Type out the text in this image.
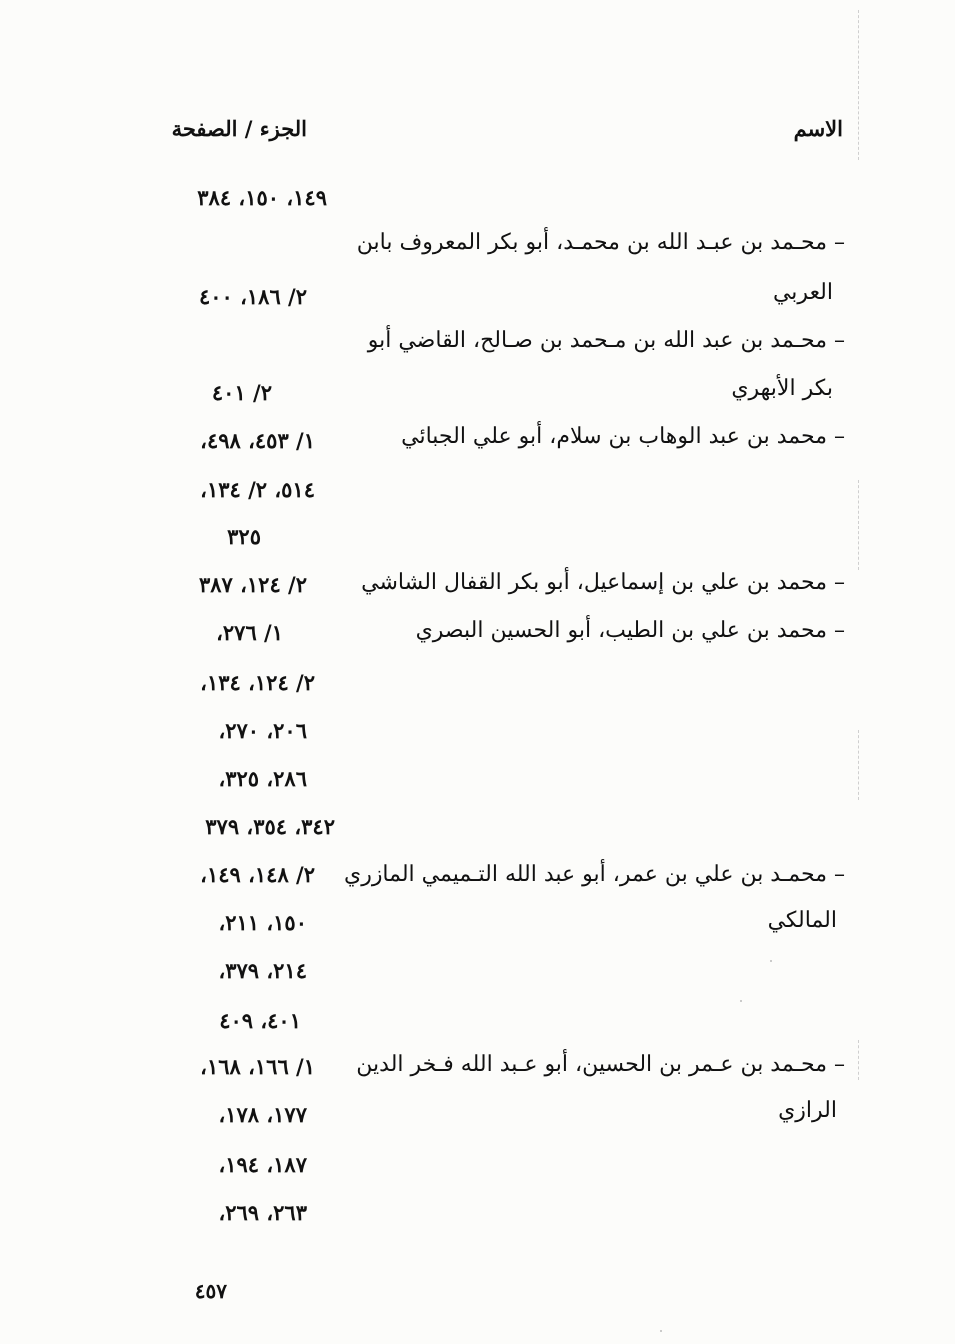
الاسم
الجزء / الصفحة
١٤٩، ١٥٠، ٣٨٤
– محـمد بن عبـد الله بن محمـد، أبو بكر المعروف بابن
العربي
٢/ ١٨٦، ٤٠٠
– محـمد بن عبد الله بن مـحمد بن صـالح، القاضي أبو
بكر الأبهري
٢/ ٤٠١
– محمد بن عبد الوهاب بن سلام، أبو علي الجبائي
١/ ٤٥٣، ٤٩٨،
٥١٤، ٢/ ١٣٤،
٣٢٥
– محمد بن علي بن إسماعيل، أبو بكر القفال الشاشي
٢/ ١٢٤، ٣٨٧
– محمد بن علي بن الطيب، أبو الحسين البصري
١/ ٢٧٦،
٢/ ١٢٤، ١٣٤،
٢٠٦، ٢٧٠،
٢٨٦، ٣٢٥،
٣٤٢، ٣٥٤، ٣٧٩
– محمـد بن علي بن عمر، أبو عبد الله التـميمي المازري
المالكي
٢/ ١٤٨، ١٤٩،
١٥٠، ٢١١،
٢١٤، ٣٧٩،
٤٠١، ٤٠٩
– محـمد بن عـمر بن الحسين، أبو عـبد الله فـخر الدين
الرازي
١/ ١٦٦، ١٦٨،
١٧٧، ١٧٨،
١٨٧، ١٩٤،
٢٦٣، ٢٦٩،
٤٥٧
